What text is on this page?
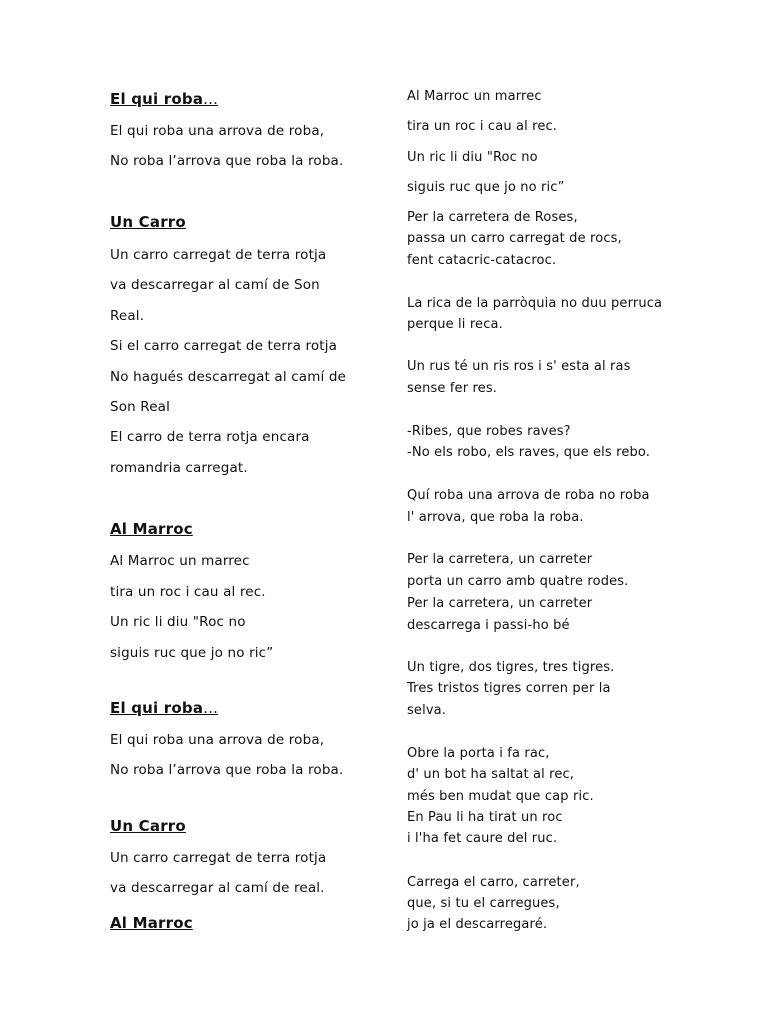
El qui roba...
El qui roba una arrova de roba,
No roba l’arrova que roba la roba.
Un Carro
Un carro carregat de terra rotja
va descarregar al camí de Son
Real.
Si el carro carregat de terra rotja
No hagués descarregat al camí de
Son Real
El carro de terra rotja encara
romandria carregat.
Al Marroc
Al Marroc un marrec
tira un roc i cau al rec.
Un ric li diu "Roc no
siguis ruc que jo no ric”
El qui roba...
El qui roba una arrova de roba,
No roba l’arrova que roba la roba.
Un Carro
Un carro carregat de terra rotja
va descarregar al camí de real.
Al Marroc
Al Marroc un marrec
tira un roc i cau al rec.
Un ric li diu "Roc no
siguis ruc que jo no ric”
Per la carretera de Roses,
passa un carro carregat de rocs,
fent catacric-catacroc.
La rica de la parròquia no duu perruca
perque li reca.
Un rus té un ris ros i s' esta al ras
sense fer res.
-Ribes, que robes raves?
-No els robo, els raves, que els rebo.
Quí roba una arrova de roba no roba
l' arrova, que roba la roba.
Per la carretera, un carreter
porta un carro amb quatre rodes.
Per la carretera, un carreter
descarrega i passi-ho bé
Un tigre, dos tigres, tres tigres.
Tres tristos tigres corren per la
selva.
Obre la porta i fa rac,
d' un bot ha saltat al rec,
més ben mudat que cap ric.
En Pau li ha tirat un roc
i l'ha fet caure del ruc.
Carrega el carro, carreter,
que, si tu el carregues,
jo ja el descarregaré.
